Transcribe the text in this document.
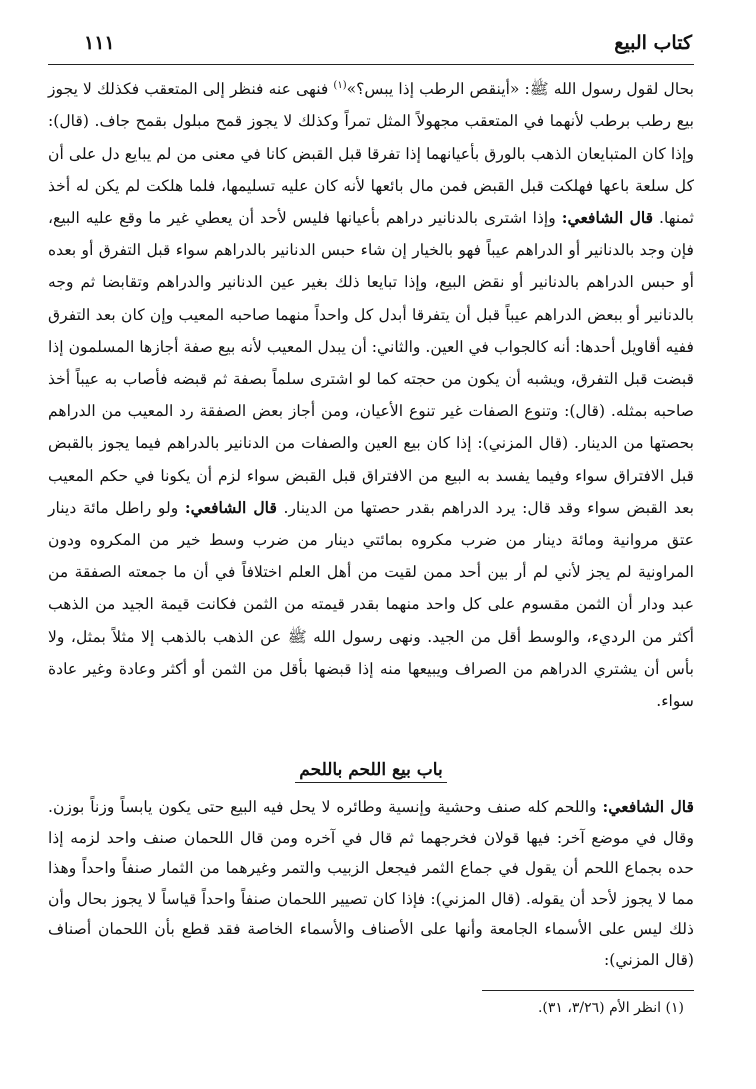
كتاب البيع
١١١

بحال لقول رسول الله ﷺ: «أينقص الرطب إذا يبس؟»$^{(١)}$ فنهى عنه فنظر إلى المتعقب فكذلك لا يجوز بيع رطب برطب لأنهما في المتعقب مجهولاً المثل تمراً وكذلك لا يجوز قمح مبلول بقمح جاف. (قال): وإذا كان المتبايعان الذهب بالورق بأعيانهما إذا تفرقا قبل القبض كانا في معنى من لم يبايع دل على أن كل سلعة باعها فهلكت قبل القبض فمن مال بائعها لأنه كان عليه تسليمها، فلما هلكت لم يكن له أخذ ثمنها. قال الشافعي: وإذا اشترى بالدنانير دراهم بأعيانها فليس لأحد أن يعطي غير ما وقع عليه البيع، فإن وجد بالدنانير أو الدراهم عيباً فهو بالخيار إن شاء حبس الدنانير بالدراهم سواء قبل التفرق أو بعده أو حبس الدراهم بالدنانير أو نقض البيع، وإذا تبايعا ذلك بغير عين الدنانير والدراهم وتقابضا ثم وجه بالدنانير أو ببعض الدراهم عيباً قبل أن يتفرقا أبدل كل واحداً منهما صاحبه المعيب وإن كان بعد التفرق ففيه أقاويل أحدها: أنه كالجواب في العين. والثاني: أن يبدل المعيب لأنه بيع صفة أجازها المسلمون إذا قبضت قبل التفرق، ويشبه أن يكون من حجته كما لو اشترى سلماً بصفة ثم قبضه فأصاب به عيباً أخذ صاحبه بمثله. (قال): وتنوع الصفات غير تنوع الأعيان، ومن أجاز بعض الصفقة رد المعيب من الدراهم بحصتها من الدينار. (قال المزني): إذا كان بيع العين والصفات من الدنانير بالدراهم فيما يجوز بالقبض قبل الافتراق سواء وفيما يفسد به البيع من الافتراق قبل القبض سواء لزم أن يكونا في حكم المعيب بعد القبض سواء وقد قال: يرد الدراهم بقدر حصتها من الدينار. قال الشافعي: ولو راطل مائة دينار عتق مروانية ومائة دينار من ضرب مكروه بمائتي دينار من ضرب وسط خير من المكروه ودون المراونية لم يجز لأني لم أر بين أحد ممن لقيت من أهل العلم اختلافاً في أن ما جمعته الصفقة من عبد ودار أن الثمن مقسوم على كل واحد منهما بقدر قيمته من الثمن فكانت قيمة الجيد من الذهب أكثر من الرديء، والوسط أقل من الجيد. ونهى رسول الله ﷺ عن الذهب بالذهب إلا مثلاً بمثل، ولا بأس أن يشتري الدراهم من الصراف ويبيعها منه إذا قبضها بأقل من الثمن أو أكثر وعادة وغير عادة سواء.

باب بيع اللحم باللحم

قال الشافعي: واللحم كله صنف وحشية وإنسية وطائره لا يحل فيه البيع حتى يكون يابساً وزناً بوزن. وقال في موضع آخر: فيها قولان فخرجهما ثم قال في آخره ومن قال اللحمان صنف واحد لزمه إذا حده بجماع اللحم أن يقول في جماع الثمر فيجعل الزبيب والتمر وغيرهما من الثمار صنفاً واحداً وهذا مما لا يجوز لأحد أن يقوله. (قال المزني): فإذا كان تصيير اللحمان صنفاً واحداً قياساً لا يجوز بحال وأن ذلك ليس على الأسماء الجامعة وأنها على الأصناف والأسماء الخاصة فقد قطع بأن اللحمان أصناف (قال المزني):

(١) انظر الأم (٣/٢٦، ٣١).
